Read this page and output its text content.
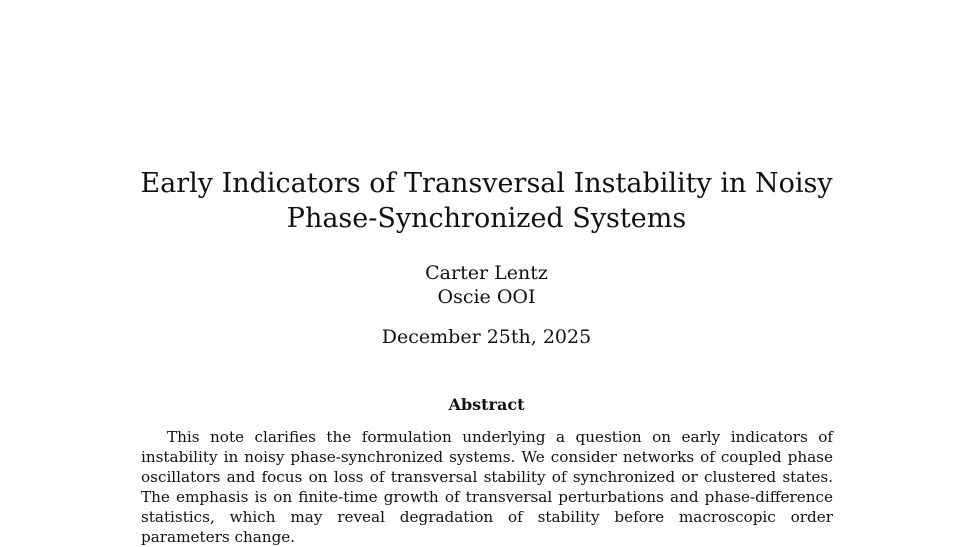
Early Indicators of Transversal Instability in Noisy
Phase-Synchronized Systems
Carter Lentz
Oscie OOI
December 25th, 2025
Abstract

This note clarifies the formulation underlying a question on early indicators of instability in noisy phase-synchronized systems. We consider networks of coupled phase oscillators and focus on loss of transversal stability of synchronized or clustered states. The emphasis is on finite-time growth of transversal perturbations and phase-difference statistics, which may reveal degradation of stability before macroscopic order parameters change.
